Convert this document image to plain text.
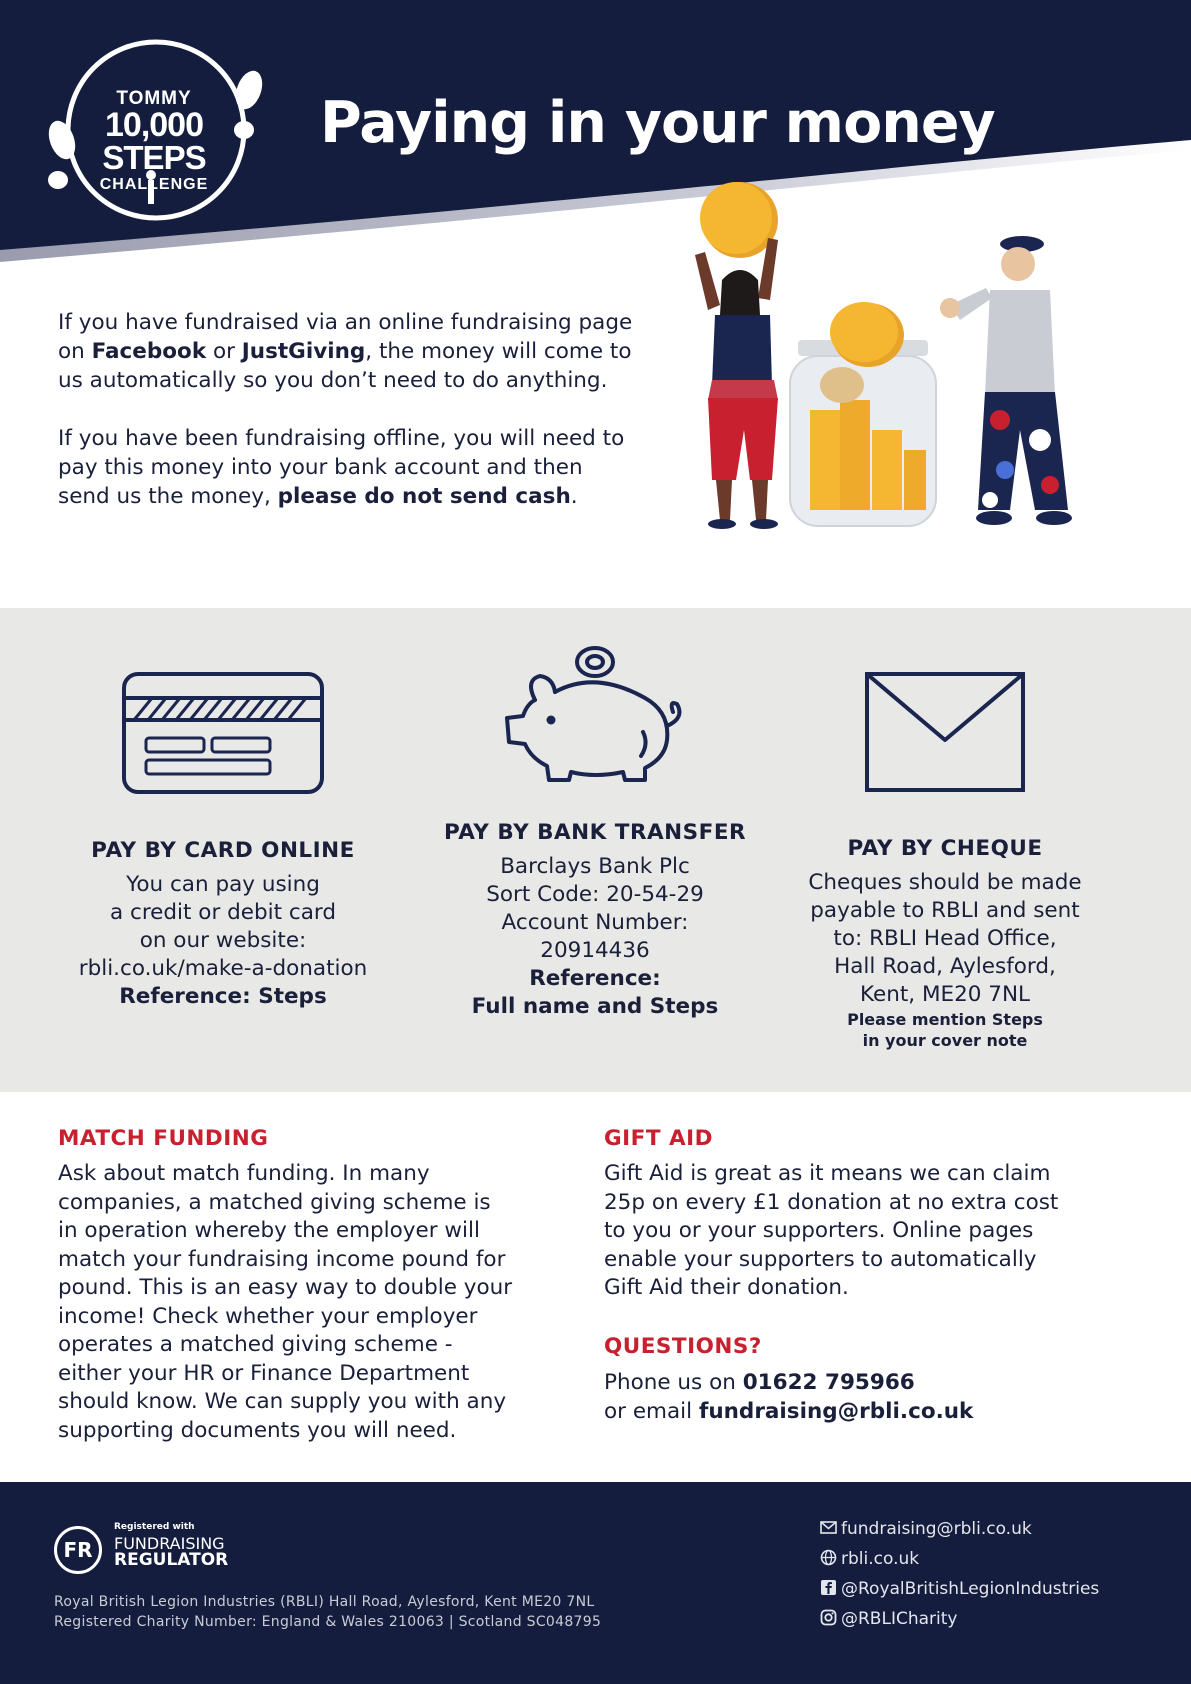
TOMMY
10,000
STEPS
CHALLENGE
Paying in your money

If you have fundraised via an online fundraising page on Facebook or JustGiving, the money will come to us automatically so you don’t need to do anything.

If you have been fundraising offline, you will need to pay this money into your bank account and then send us the money, please do not send cash.

PAY BY CARD ONLINE
You can pay using
a credit or debit card
on our website:
rbli.co.uk/make-a-donation
Reference: Steps
PAY BY BANK TRANSFER
Barclays Bank Plc
Sort Code: 20-54-29
Account Number:
20914436
Reference:
Full name and Steps
PAY BY CHEQUE
Cheques should be made
payable to RBLI and sent
to: RBLI Head Office,
Hall Road, Aylesford,
Kent, ME20 7NL
Please mention Steps
in your cover note
MATCH FUNDING
Ask about match funding. In many
companies, a matched giving scheme is
in operation whereby the employer will
match your fundraising income pound for
pound. This is an easy way to double your
income! Check whether your employer
operates a matched giving scheme -
either your HR or Finance Department
should know. We can supply you with any
supporting documents you will need.
GIFT AID
Gift Aid is great as it means we can claim
25p on every £1 donation at no extra cost
to you or your supporters. Online pages
enable your supporters to automatically
Gift Aid their donation.
QUESTIONS?
Phone us on 01622 795966
or email fundraising@rbli.co.uk
FR
Registered with
FUNDRAISING
REGULATOR
Royal British Legion Industries (RBLI) Hall Road, Aylesford, Kent ME20 7NL
Registered Charity Number: England & Wales 210063 | Scotland SC048795
fundraising@rbli.co.uk
rbli.co.uk
@RoyalBritishLegionIndustries
@RBLICharity
